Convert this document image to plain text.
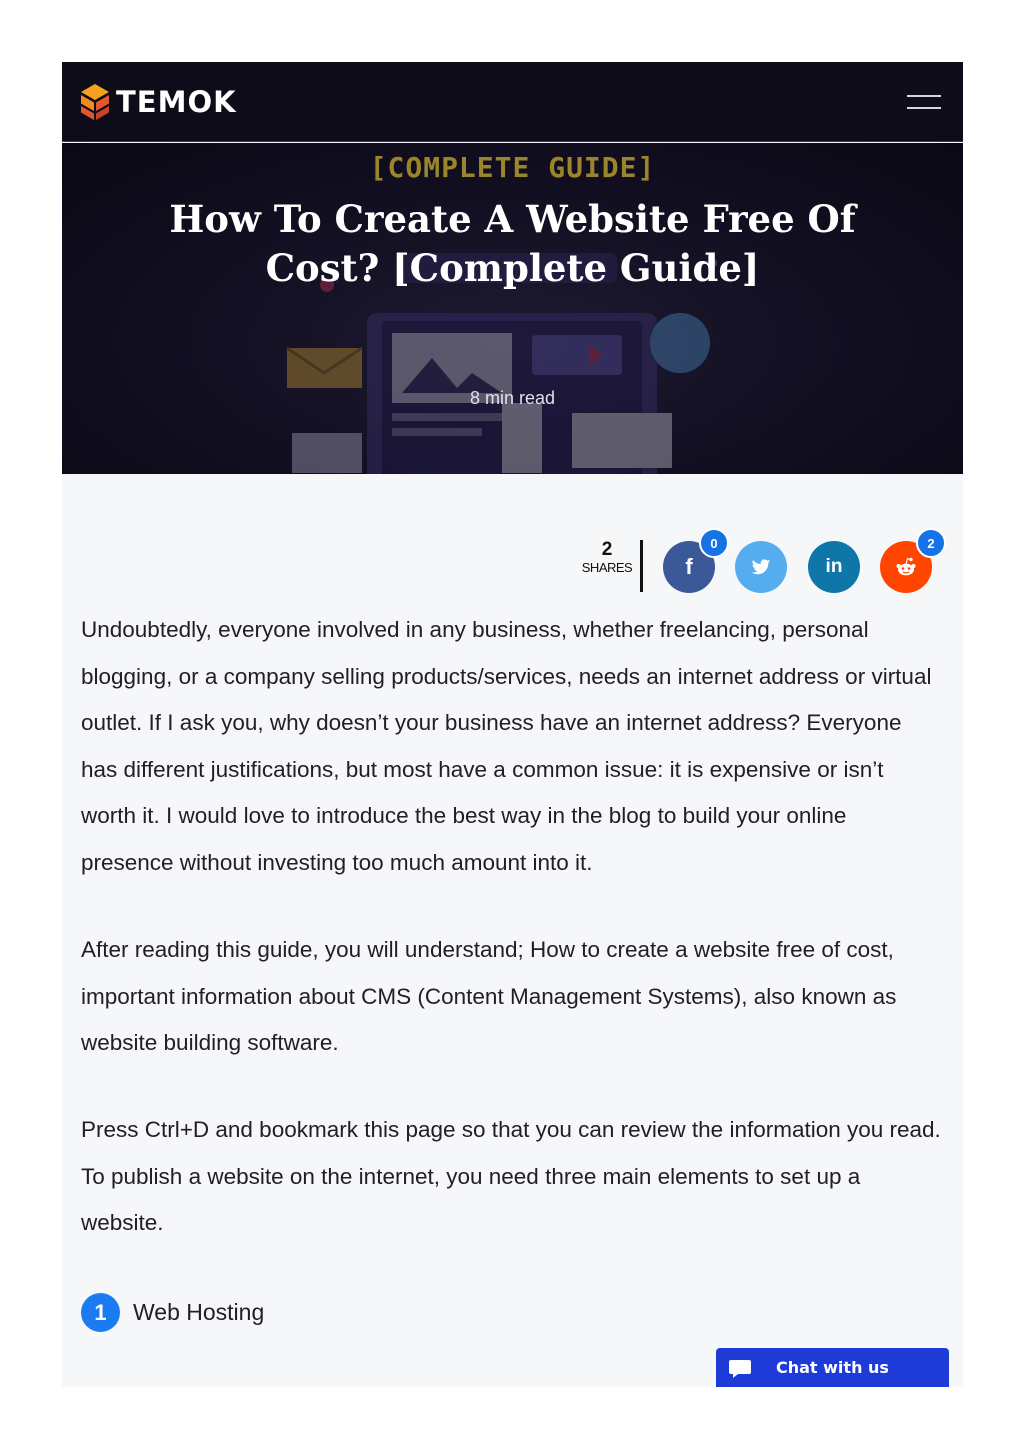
TEMOK
[COMPLETE GUIDE]
How To Create A Website Free Of Cost? [Complete Guide]
8 min read
2
SHARES f
0
in
2

Undoubtedly, everyone involved in any business, whether freelancing, personal blogging, or a company selling products/services, needs an internet address or virtual outlet. If I ask you, why doesn’t your business have an internet address? Everyone has different justifications, but most have a common issue: it is expensive or isn’t worth it. I would love to introduce the best way in the blog to build your online presence without investing too much amount into it.

After reading this guide, you will understand; How to create a website free of cost, important information about CMS (Content Management Systems), also known as website building software.

Press Ctrl+D and bookmark this page so that you can review the information you read. To publish a website on the internet, you need three main elements to set up a website.

1	Web Hosting
Chat with us
